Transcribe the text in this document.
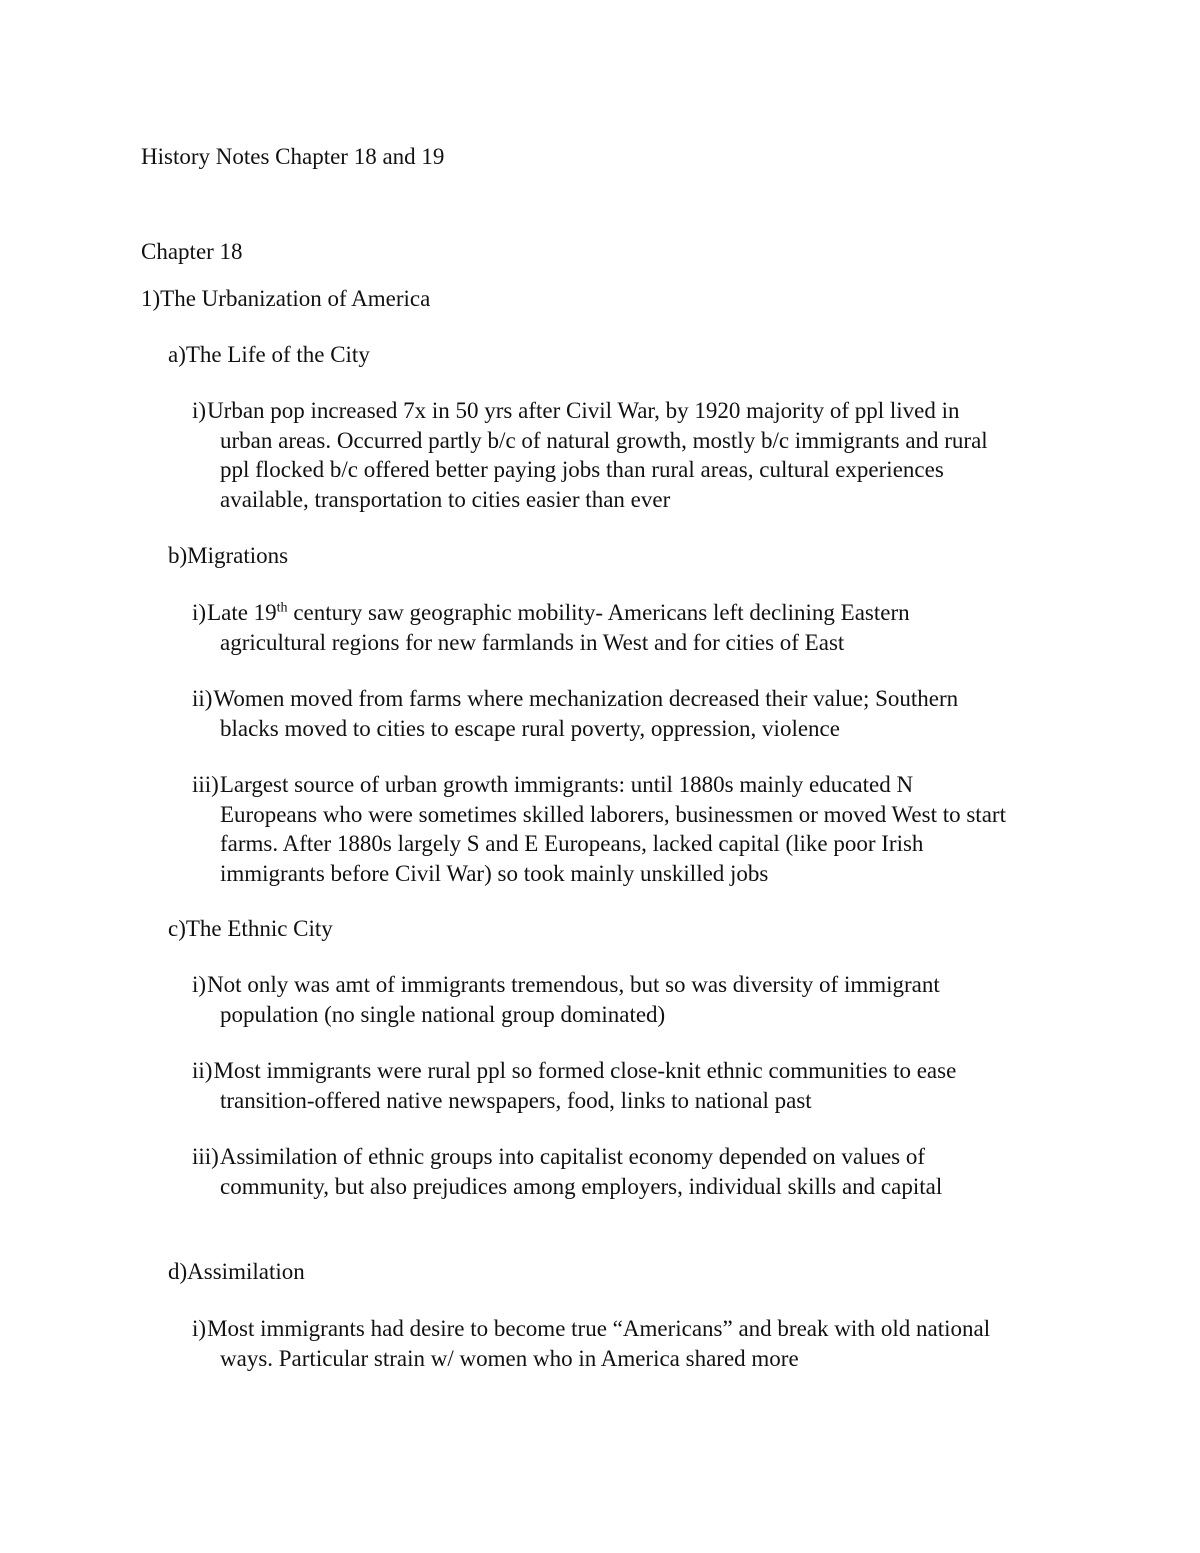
History Notes Chapter 18 and 19
Chapter 18
1)The Urbanization of America
a)The Life of the City
i) Urban pop increased 7x in 50 yrs after Civil War, by 1920 majority of ppl lived in urban areas. Occurred partly b/c of natural growth, mostly b/c immigrants and rural ppl flocked b/c offered better paying jobs than rural areas, cultural experiences available, transportation to cities easier than ever
b)Migrations
i) Late 19th century saw geographic mobility- Americans left declining Eastern agricultural regions for new farmlands in West and for cities of East
ii) Women moved from farms where mechanization decreased their value; Southern blacks moved to cities to escape rural poverty, oppression, violence
iii) Largest source of urban growth immigrants: until 1880s mainly educated N Europeans who were sometimes skilled laborers, businessmen or moved West to start farms. After 1880s largely S and E Europeans, lacked capital (like poor Irish immigrants before Civil War) so took mainly unskilled jobs
c)The Ethnic City
i) Not only was amt of immigrants tremendous, but so was diversity of immigrant population (no single national group dominated)
ii) Most immigrants were rural ppl so formed close-knit ethnic communities to ease transition-offered native newspapers, food, links to national past
iii) Assimilation of ethnic groups into capitalist economy depended on values of community, but also prejudices among employers, individual skills and capital
d)Assimilation
i) Most immigrants had desire to become true “Americans” and break with old national ways. Particular strain w/ women who in America shared more
